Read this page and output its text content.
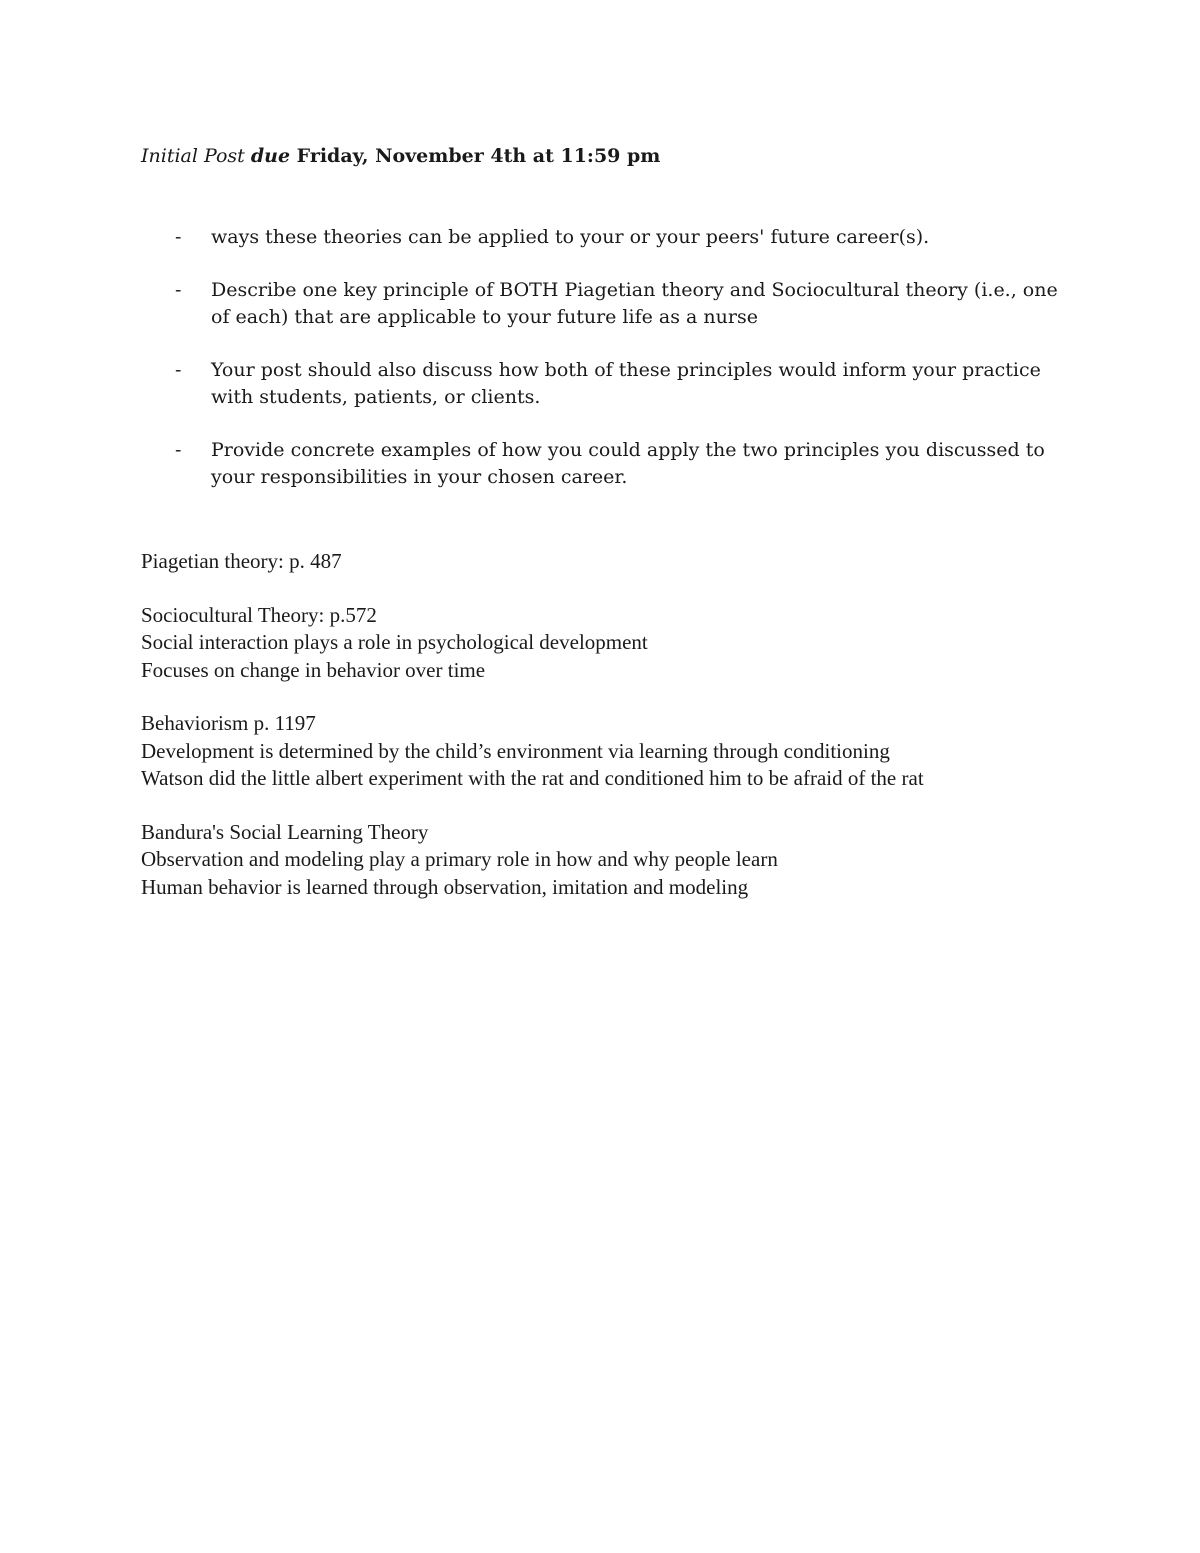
Initial Post due Friday, November 4th at 11:59 pm
- ways these theories can be applied to your or your peers' future career(s).
- Describe one key principle of BOTH Piagetian theory and Sociocultural theory (i.e., one of each) that are applicable to your future life as a nurse
- Your post should also discuss how both of these principles would inform your practice with students, patients, or clients.
- Provide concrete examples of how you could apply the two principles you discussed to your responsibilities in your chosen career.
Piagetian theory: p. 487
Sociocultural Theory: p.572
Social interaction plays a role in psychological development
Focuses on change in behavior over time
Behaviorism p. 1197
Development is determined by the child’s environment via learning through conditioning
Watson did the little albert experiment with the rat and conditioned him to be afraid of the rat
Bandura's Social Learning Theory
Observation and modeling play a primary role in how and why people learn
Human behavior is learned through observation, imitation and modeling
